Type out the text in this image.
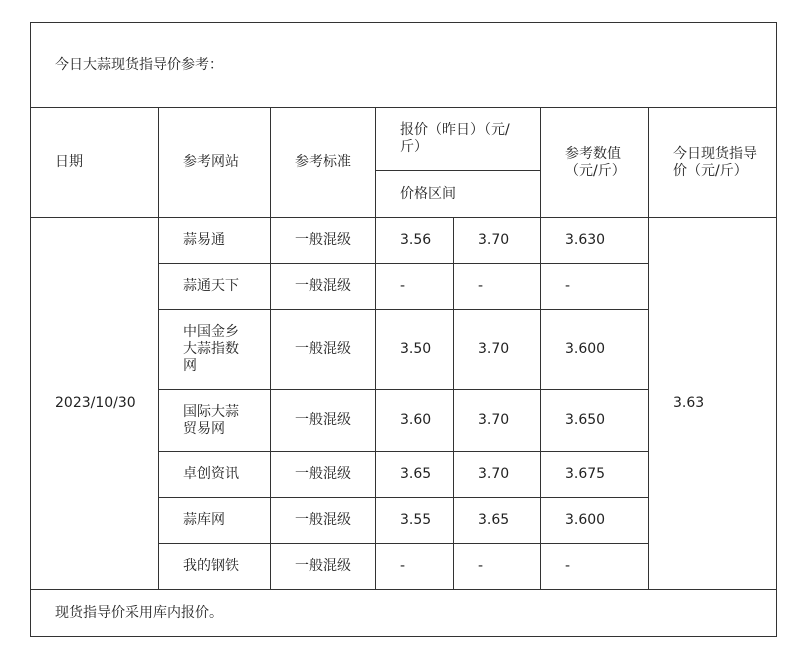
今日大蒜现货指导价参考：						
日期	参考网站	参考标准	报价（昨日）（元/斤）		参考数值（元/斤）	今日现货指导价（元/斤）

			价格区间			
2023/10/30	蒜易通	一般混级	3.56	3.70	3.630	3.63
	蒜通天下	一般混级	-	-	-	

	中国金乡大蒜指数网	一般混级	3.50	3.70	3.600	

	国际大蒜贸易网	一般混级	3.60	3.70	3.650	
	卓创资讯	一般混级	3.65	3.70	3.675	
	蒜库网	一般混级	3.55	3.65	3.600	
	我的钢铁	一般混级	-	-	-	
现货指导价采用库内报价。						
